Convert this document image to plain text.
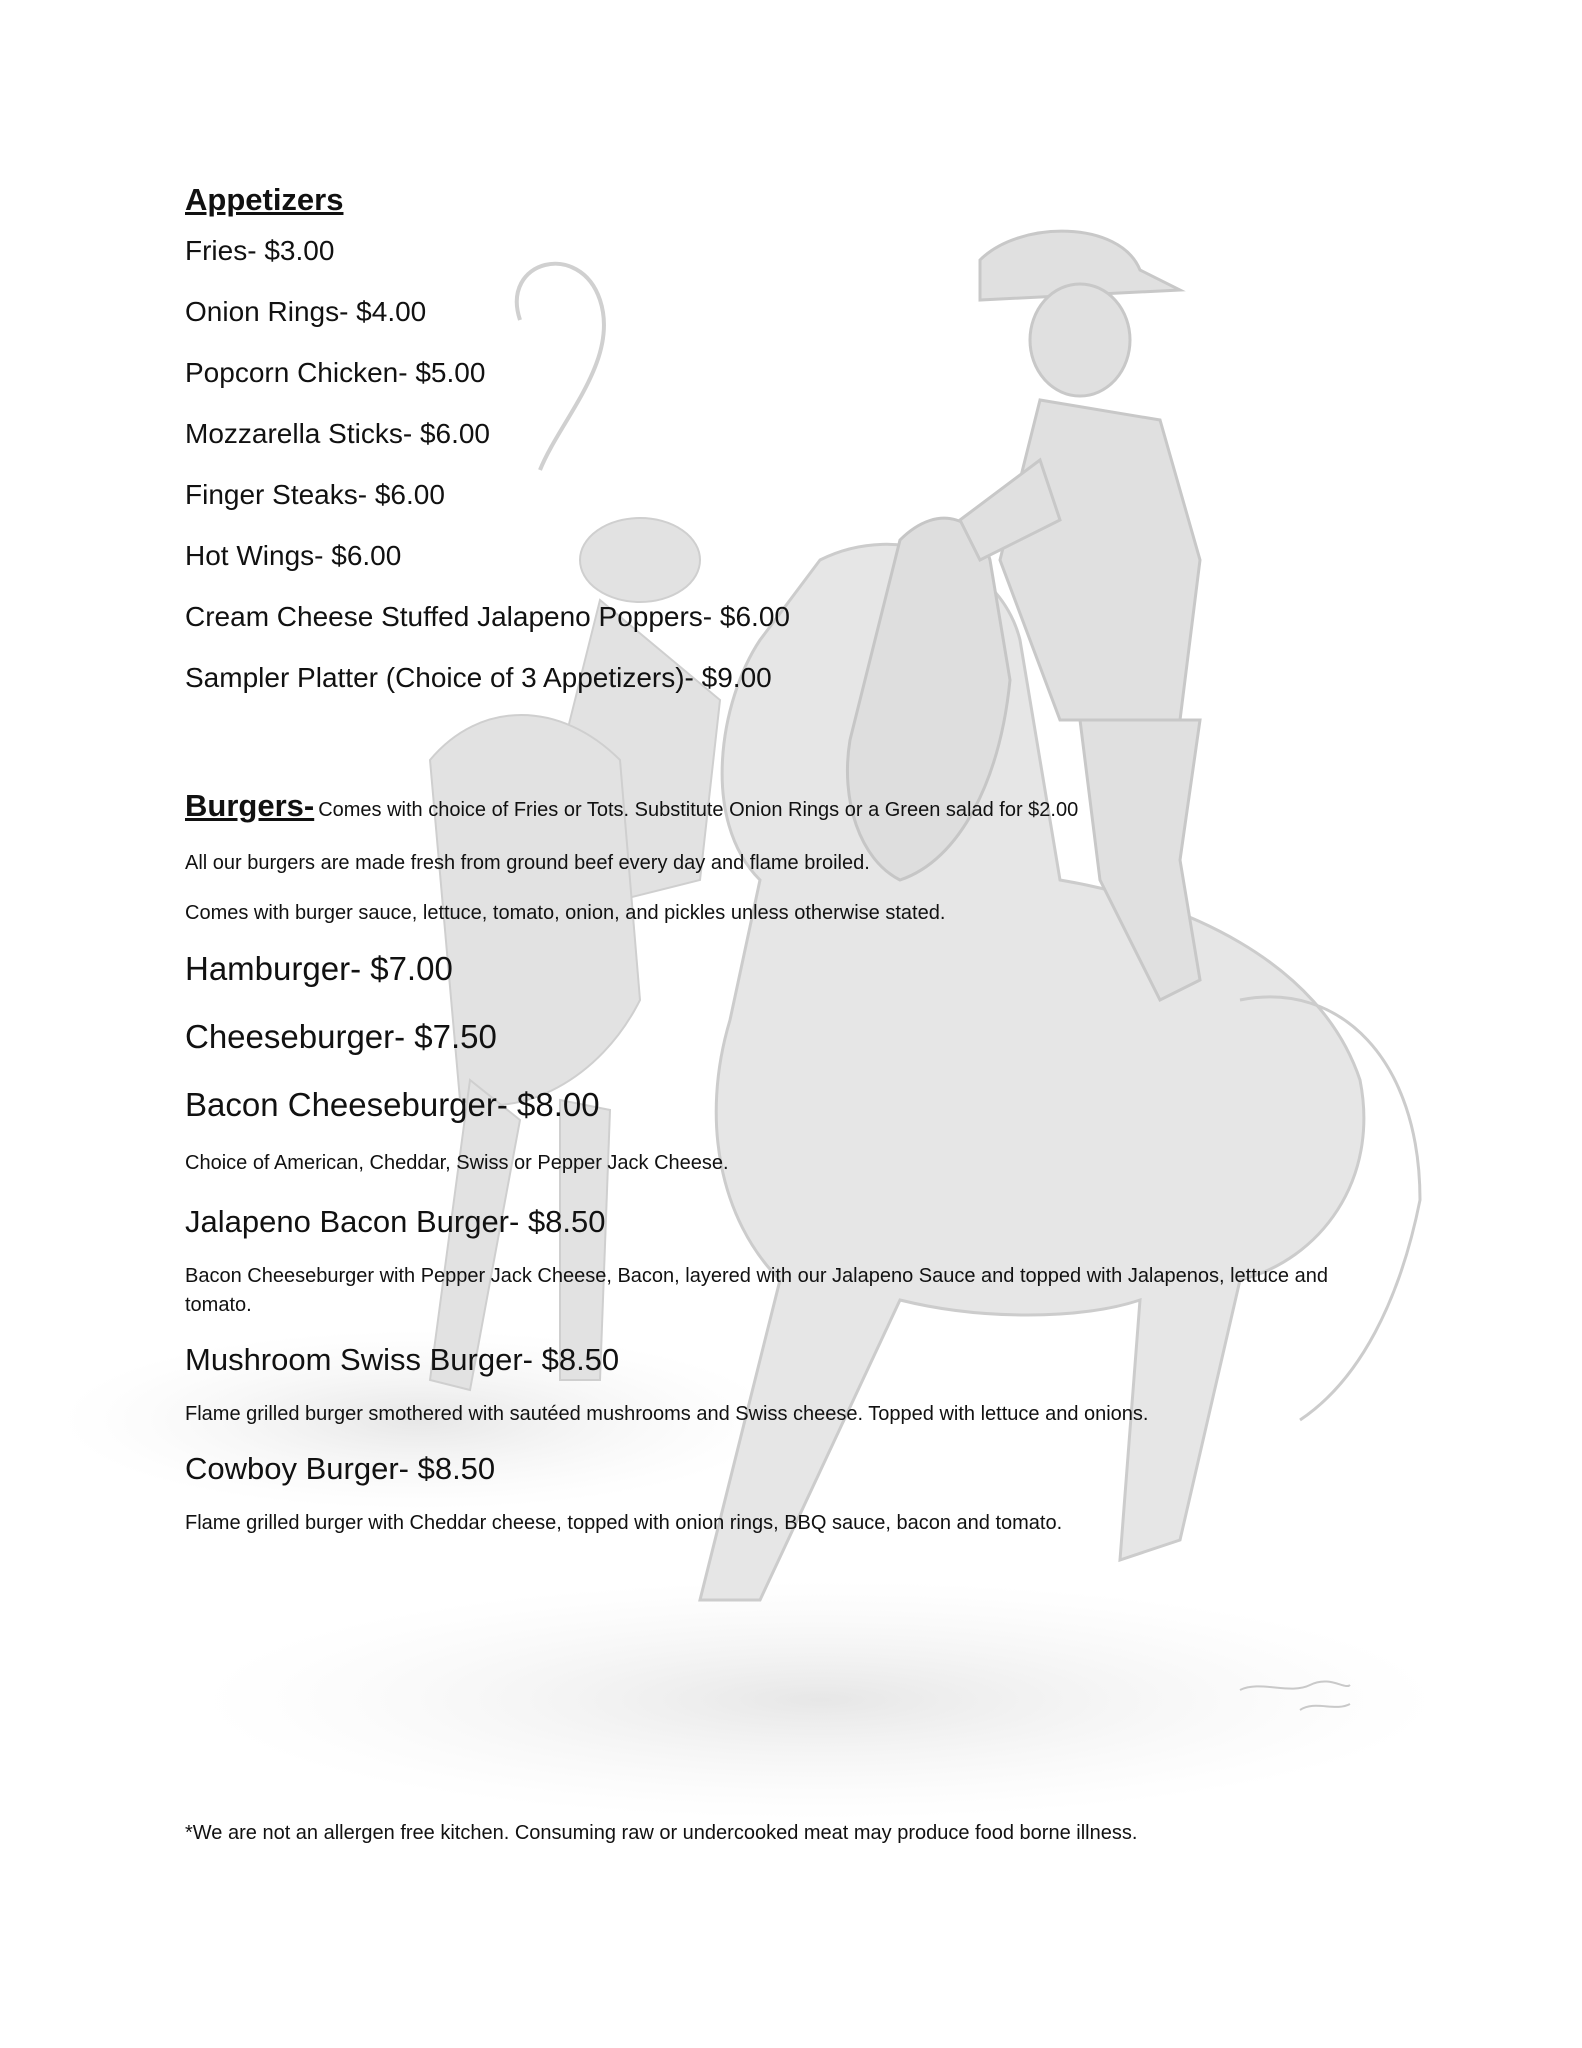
Appetizers
Fries- $3.00
Onion Rings- $4.00
Popcorn Chicken- $5.00
Mozzarella Sticks- $6.00
Finger Steaks- $6.00
Hot Wings- $6.00
Cream Cheese Stuffed Jalapeno Poppers- $6.00
Sampler Platter (Choice of 3 Appetizers)- $9.00
Burgers- Comes with choice of Fries or Tots. Substitute Onion Rings or a Green salad for $2.00

All our burgers are made fresh from ground beef every day and flame broiled.

Comes with burger sauce, lettuce, tomato, onion, and pickles unless otherwise stated.

Hamburger- $7.00

Cheeseburger- $7.50

Bacon Cheeseburger- $8.00

Choice of American, Cheddar, Swiss or Pepper Jack Cheese.

Jalapeno Bacon Burger- $8.50

Bacon Cheeseburger with Pepper Jack Cheese, Bacon, layered with our Jalapeno Sauce and topped with Jalapenos, lettuce and tomato.

Mushroom Swiss Burger- $8.50

Flame grilled burger smothered with sautéed mushrooms and Swiss cheese. Topped with lettuce and onions.

Cowboy Burger- $8.50

Flame grilled burger with Cheddar cheese, topped with onion rings, BBQ sauce, bacon and tomato.

*We are not an allergen free kitchen. Consuming raw or undercooked meat may produce food borne illness.
